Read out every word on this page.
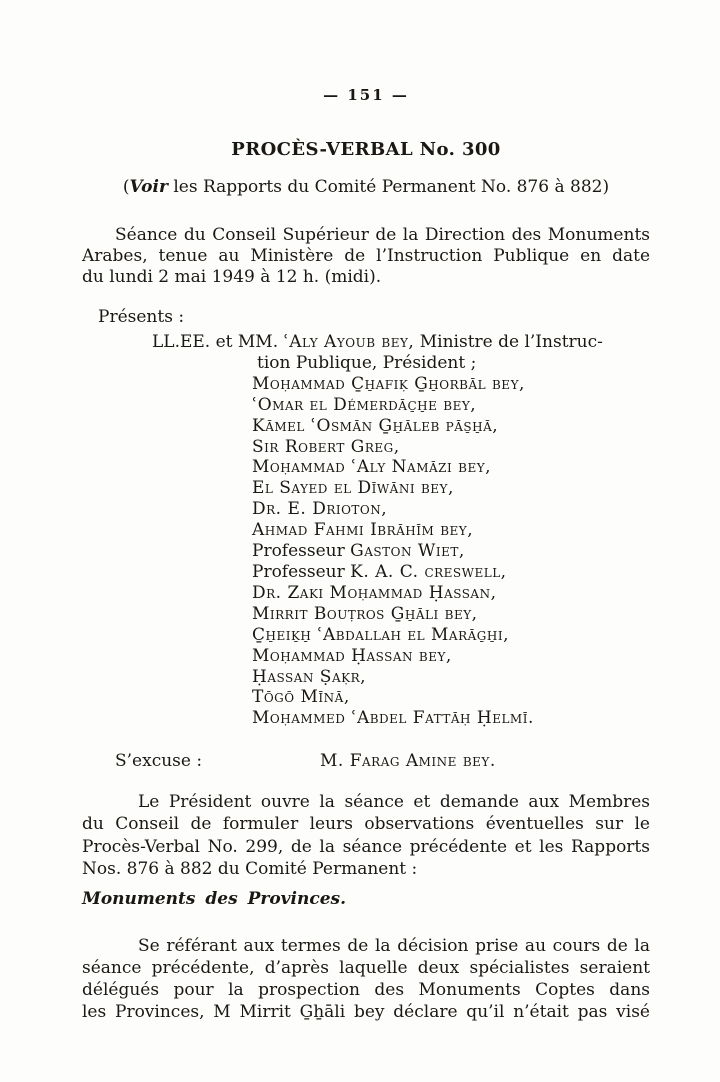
— 151 —
PROCÈS-VERBAL No. 300
(Voir les Rapports du Comité Permanent No. 876 à 882)
Séance du Conseil Supérieur de la Direction des Monuments
Arabes, tenue au Ministère de l’Instruction Publique en date
du lundi 2 mai 1949 à 12 h. (midi).
Présents :
LL.EE. et MM. ʿAly Ayoub bey, Ministre de l’Instruc-
tion Publique, Président ;
Moḥammad C̱ẖafiḳ G̱ẖorbāl bey,
ʿOmar el Démerdāc̱ẖe bey,
Kāmel ʿOsmān G̱ẖāleb pās̱ẖā,
Sir Robert Greg,
Moḥammad ʿAly Namāzi bey,
El Sayed el Dīwāni bey,
Dr. E. Drioton,
Ahmad Fahmi Ibrāhīm bey,
Professeur Gaston Wiet,
Professeur K. A. C. creswell,
Dr. Zaki Moḥammad Ḥassan,
Mirrit Bouṭros G̱ẖāli bey,
C̱ẖeiḵẖ ʿAbdallah el Marāg̱ẖi,
Moḥammad Ḥassan bey,
Ḥassan Ṣaḳr,
Tōgō Mīnā,
Moḥammed ʿAbdel Fattāḥ Ḥelmī.
S’excuse :	M. Farag Amine bey.
Le Président ouvre la séance et demande aux Membres
du Conseil de formuler leurs observations éventuelles sur le
Procès-Verbal No. 299, de la séance précédente et les Rapports
Nos. 876 à 882 du Comité Permanent :
Monuments des Provinces.
Se référant aux termes de la décision prise au cours de la
séance précédente, d’après laquelle deux spécialistes seraient
délégués pour la prospection des Monuments Coptes dans
les Provinces, M Mirrit G̱ẖāli bey déclare qu’il n’était pas visé
